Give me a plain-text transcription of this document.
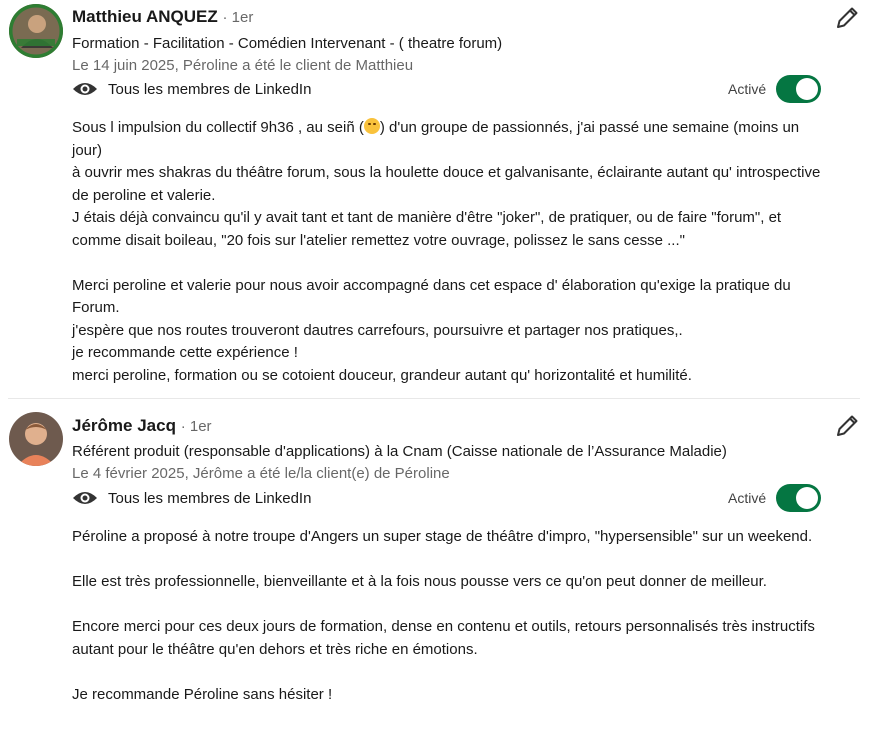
Matthieu ANQUEZ · 1er
Formation - Facilitation - Comédien Intervenant - ( theatre forum)
Le 14 juin 2025, Péroline a été le client de Matthieu
Tous les membres de LinkedIn	Activé

Sous l impulsion du collectif 9h36 , au seiñ ( ) d'un groupe de passionnés, j'ai passé une semaine (moins un jour)

à ouvrir mes shakras du théâtre forum, sous la houlette douce et galvanisante, éclairante autant qu' introspective de peroline et valerie.

J étais déjà convaincu qu'il y avait tant et tant de manière d'être "joker", de pratiquer, ou de faire "forum", et comme disait boileau, "20 fois sur l'atelier remettez votre ouvrage, polissez le sans cesse ..."

Merci peroline et valerie pour nous avoir accompagné dans cet espace d' élaboration qu'exige la pratique du Forum.

j'espère que nos routes trouveront dautres carrefours, poursuivre et partager nos pratiques,.

je recommande cette expérience !

merci peroline, formation ou se cotoient douceur, grandeur autant qu' horizontalité et humilité.

Jérôme Jacq · 1er
Référent produit (responsable d'applications) à la Cnam (Caisse nationale de l’Assurance Maladie)
Le 4 février 2025, Jérôme a été le/la client(e) de Péroline
Tous les membres de LinkedIn	Activé

Péroline a proposé à notre troupe d'Angers un super stage de théâtre d'impro, "hypersensible" sur un weekend.

Elle est très professionnelle, bienveillante et à la fois nous pousse vers ce qu'on peut donner de meilleur.

Encore merci pour ces deux jours de formation, dense en contenu et outils, retours personnalisés très instructifs autant pour le théâtre qu'en dehors et très riche en émotions.

Je recommande Péroline sans hésiter !
